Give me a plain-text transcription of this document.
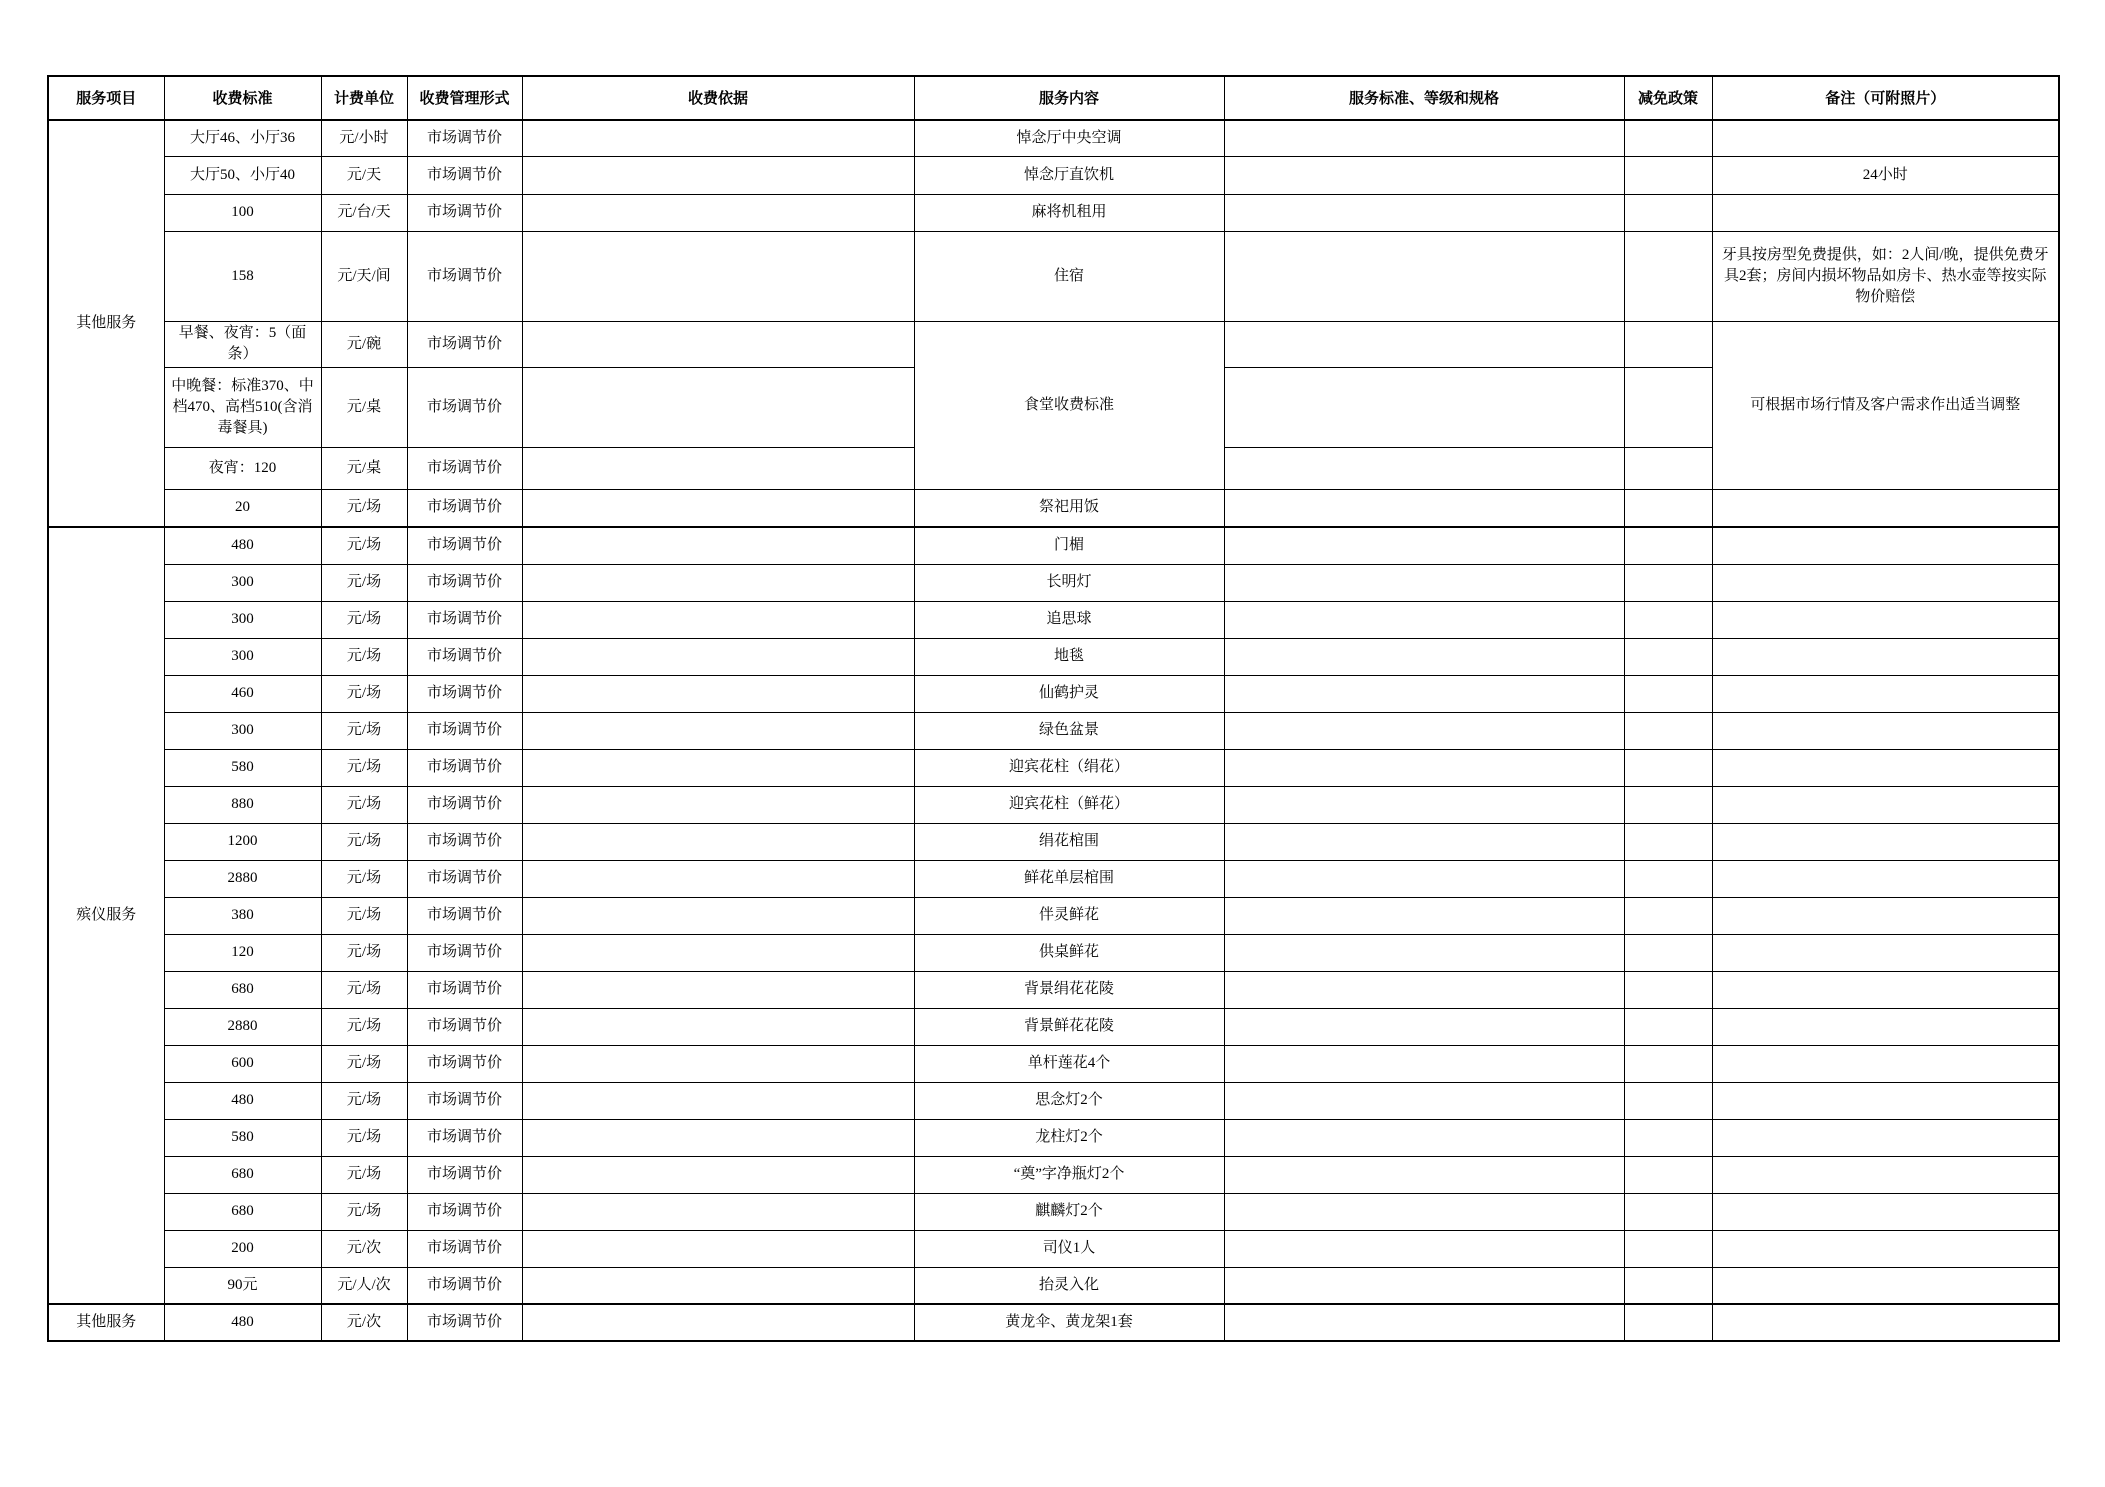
服务项目	收费标准	计费单位	收费管理形式	收费依据	服务内容	服务标准、等级和规格	减免政策	备注（可附照片）
其他服务	大厅46、小厅36	元/小时	市场调节价		悼念厅中央空调			
	大厅50、小厅40	元/天	市场调节价		悼念厅直饮机			24小时
	100	元/台/天	市场调节价		麻将机租用			
	158	元/天/间	市场调节价		住宿			牙具按房型免费提供，如：2人间/晚，提供免费牙具2套；房间内损坏物品如房卡、热水壶等按实际物价赔偿
	早餐、夜宵：5（面条）	元/碗	市场调节价		食堂收费标准			可根据市场行情及客户需求作出适当调整
	中晚餐：标准370、中档470、高档510(含消毒餐具)	元/桌	市场调节价					
	夜宵：120	元/桌	市场调节价					
	20	元/场	市场调节价		祭祀用饭			
殡仪服务	480	元/场	市场调节价		门楣			
	300	元/场	市场调节价		长明灯			
	300	元/场	市场调节价		追思球			
	300	元/场	市场调节价		地毯			
	460	元/场	市场调节价		仙鹤护灵			
	300	元/场	市场调节价		绿色盆景			
	580	元/场	市场调节价		迎宾花柱（绢花）			
	880	元/场	市场调节价		迎宾花柱（鲜花）			
	1200	元/场	市场调节价		绢花棺围			
	2880	元/场	市场调节价		鲜花单层棺围			
	380	元/场	市场调节价		伴灵鲜花			
	120	元/场	市场调节价		供桌鲜花			
	680	元/场	市场调节价		背景绢花花陵			
	2880	元/场	市场调节价		背景鲜花花陵			
	600	元/场	市场调节价		单杆莲花4个			
	480	元/场	市场调节价		思念灯2个			
	580	元/场	市场调节价		龙柱灯2个			
	680	元/场	市场调节价		“奠”字净瓶灯2个			
	680	元/场	市场调节价		麒麟灯2个			
	200	元/次	市场调节价		司仪1人			
	90元	元/人/次	市场调节价		抬灵入化			
其他服务	480	元/次	市场调节价		黄龙伞、黄龙架1套			
